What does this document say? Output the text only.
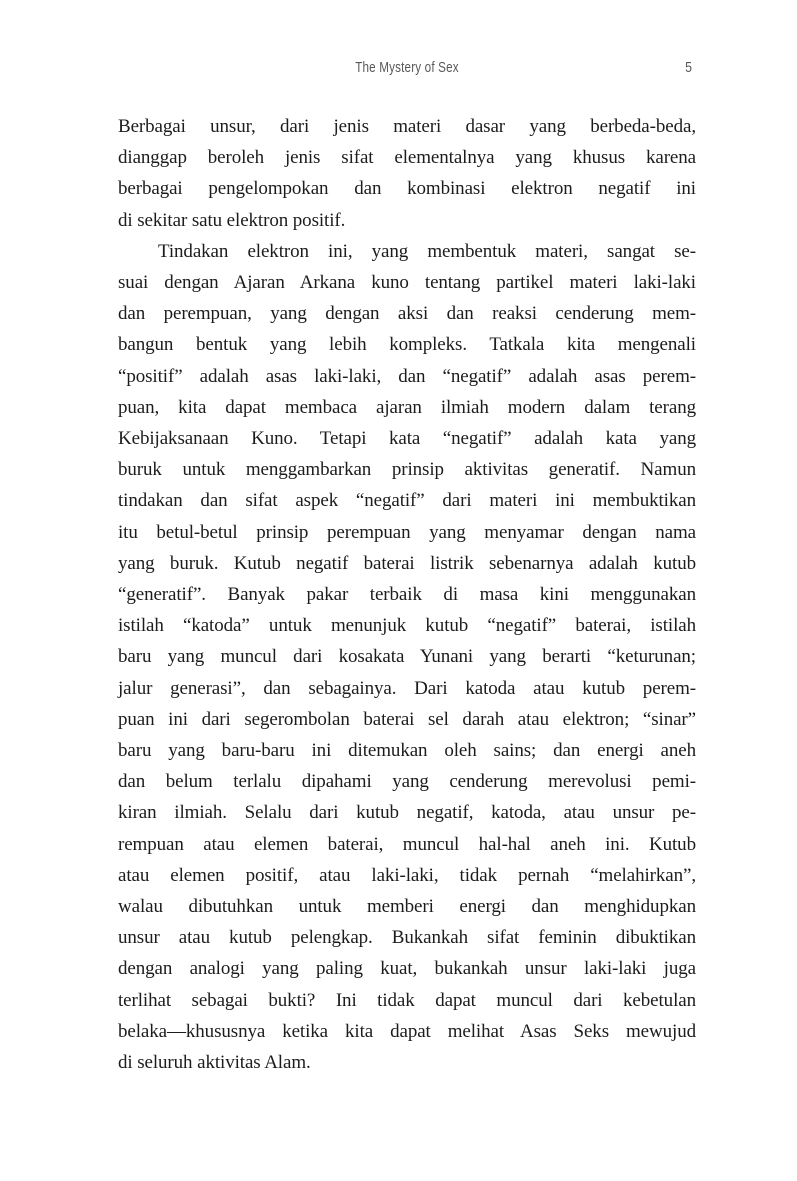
The Mystery of Sex	5
Berbagai unsur, dari jenis materi dasar yang berbeda-beda,
dianggap beroleh jenis sifat elementalnya yang khusus karena
berbagai pengelompokan dan kombinasi elektron negatif ini
di sekitar satu elektron positif.
Tindakan elektron ini, yang membentuk materi, sangat se-
suai dengan Ajaran Arkana kuno tentang partikel materi laki-laki
dan perempuan, yang dengan aksi dan reaksi cenderung mem-
bangun bentuk yang lebih kompleks. Tatkala kita mengenali
“positif” adalah asas laki-laki, dan “negatif” adalah asas perem-
puan, kita dapat membaca ajaran ilmiah modern dalam terang
Kebijaksanaan Kuno. Tetapi kata “negatif” adalah kata yang
buruk untuk menggambarkan prinsip aktivitas generatif. Namun
tindakan dan sifat aspek “negatif” dari materi ini membuktikan
itu betul-betul prinsip perempuan yang menyamar dengan nama
yang buruk. Kutub negatif baterai listrik sebenarnya adalah kutub
“generatif”. Banyak pakar terbaik di masa kini menggunakan
istilah “katoda” untuk menunjuk kutub “negatif” baterai, istilah
baru yang muncul dari kosakata Yunani yang berarti “keturunan;
jalur generasi”, dan sebagainya. Dari katoda atau kutub perem-
puan ini dari segerombolan baterai sel darah atau elektron; “sinar”
baru yang baru-baru ini ditemukan oleh sains; dan energi aneh
dan belum terlalu dipahami yang cenderung merevolusi pemi-
kiran ilmiah. Selalu dari kutub negatif, katoda, atau unsur pe-
rempuan atau elemen baterai, muncul hal-hal aneh ini. Kutub
atau elemen positif, atau laki-laki, tidak pernah “melahirkan”,
walau dibutuhkan untuk memberi energi dan menghidupkan
unsur atau kutub pelengkap. Bukankah sifat feminin dibuktikan
dengan analogi yang paling kuat, bukankah unsur laki-laki juga
terlihat sebagai bukti? Ini tidak dapat muncul dari kebetulan
belaka—khususnya ketika kita dapat melihat Asas Seks mewujud
di seluruh aktivitas Alam.
